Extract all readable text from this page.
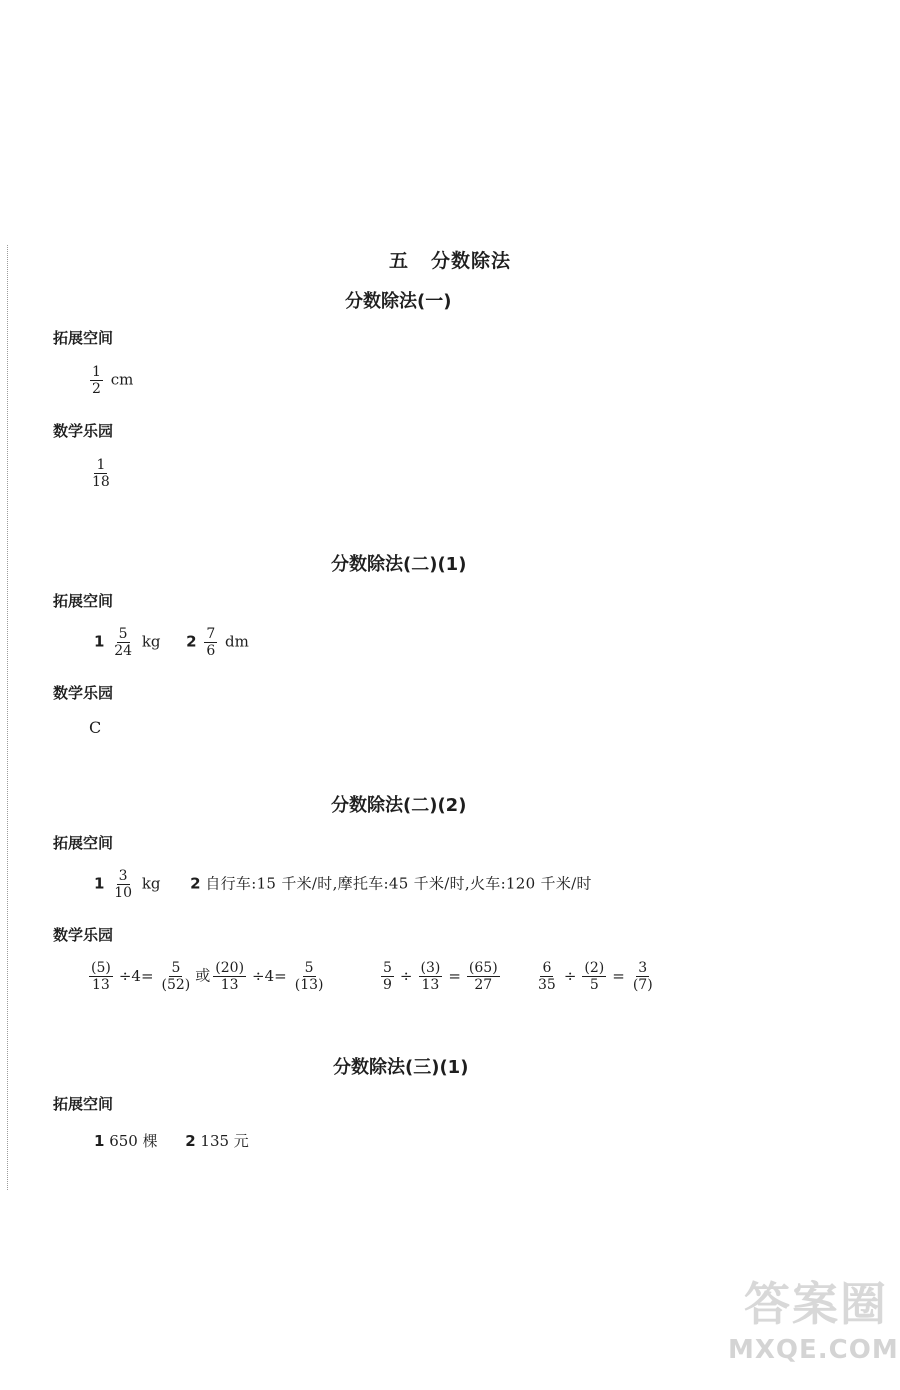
五 分数除法
分数除法(一)
拓展空间
$\frac{1}{2}$ cm
数学乐园
$\frac{1}{18}$
分数除法(二)(1)
拓展空间
$1 \frac{5}{24}$ kg $2 \frac{7}{6}$ dm
数学乐园
C
分数除法(二)(2)
拓展空间
$1 \frac{3}{10}$ kg 2 自行车:15 千米/时,摩托车:45 千米/时,火车:120 千米/时
数学乐园
$\frac{(5)}{13} \div 4= \frac{5}{(52)}$ 或 $\frac{(20)}{13} \div 4= \frac{5}{(13)}$	$\frac{5}{9} \div \frac{(3)}{13} = \frac{(65)}{27}$	$\frac{6}{35} \div \frac{(2)}{5} = \frac{3}{(7)}$
分数除法(三)(1)
拓展空间
1 650 棵 2 135 元
答案圈
MXQE.COM
